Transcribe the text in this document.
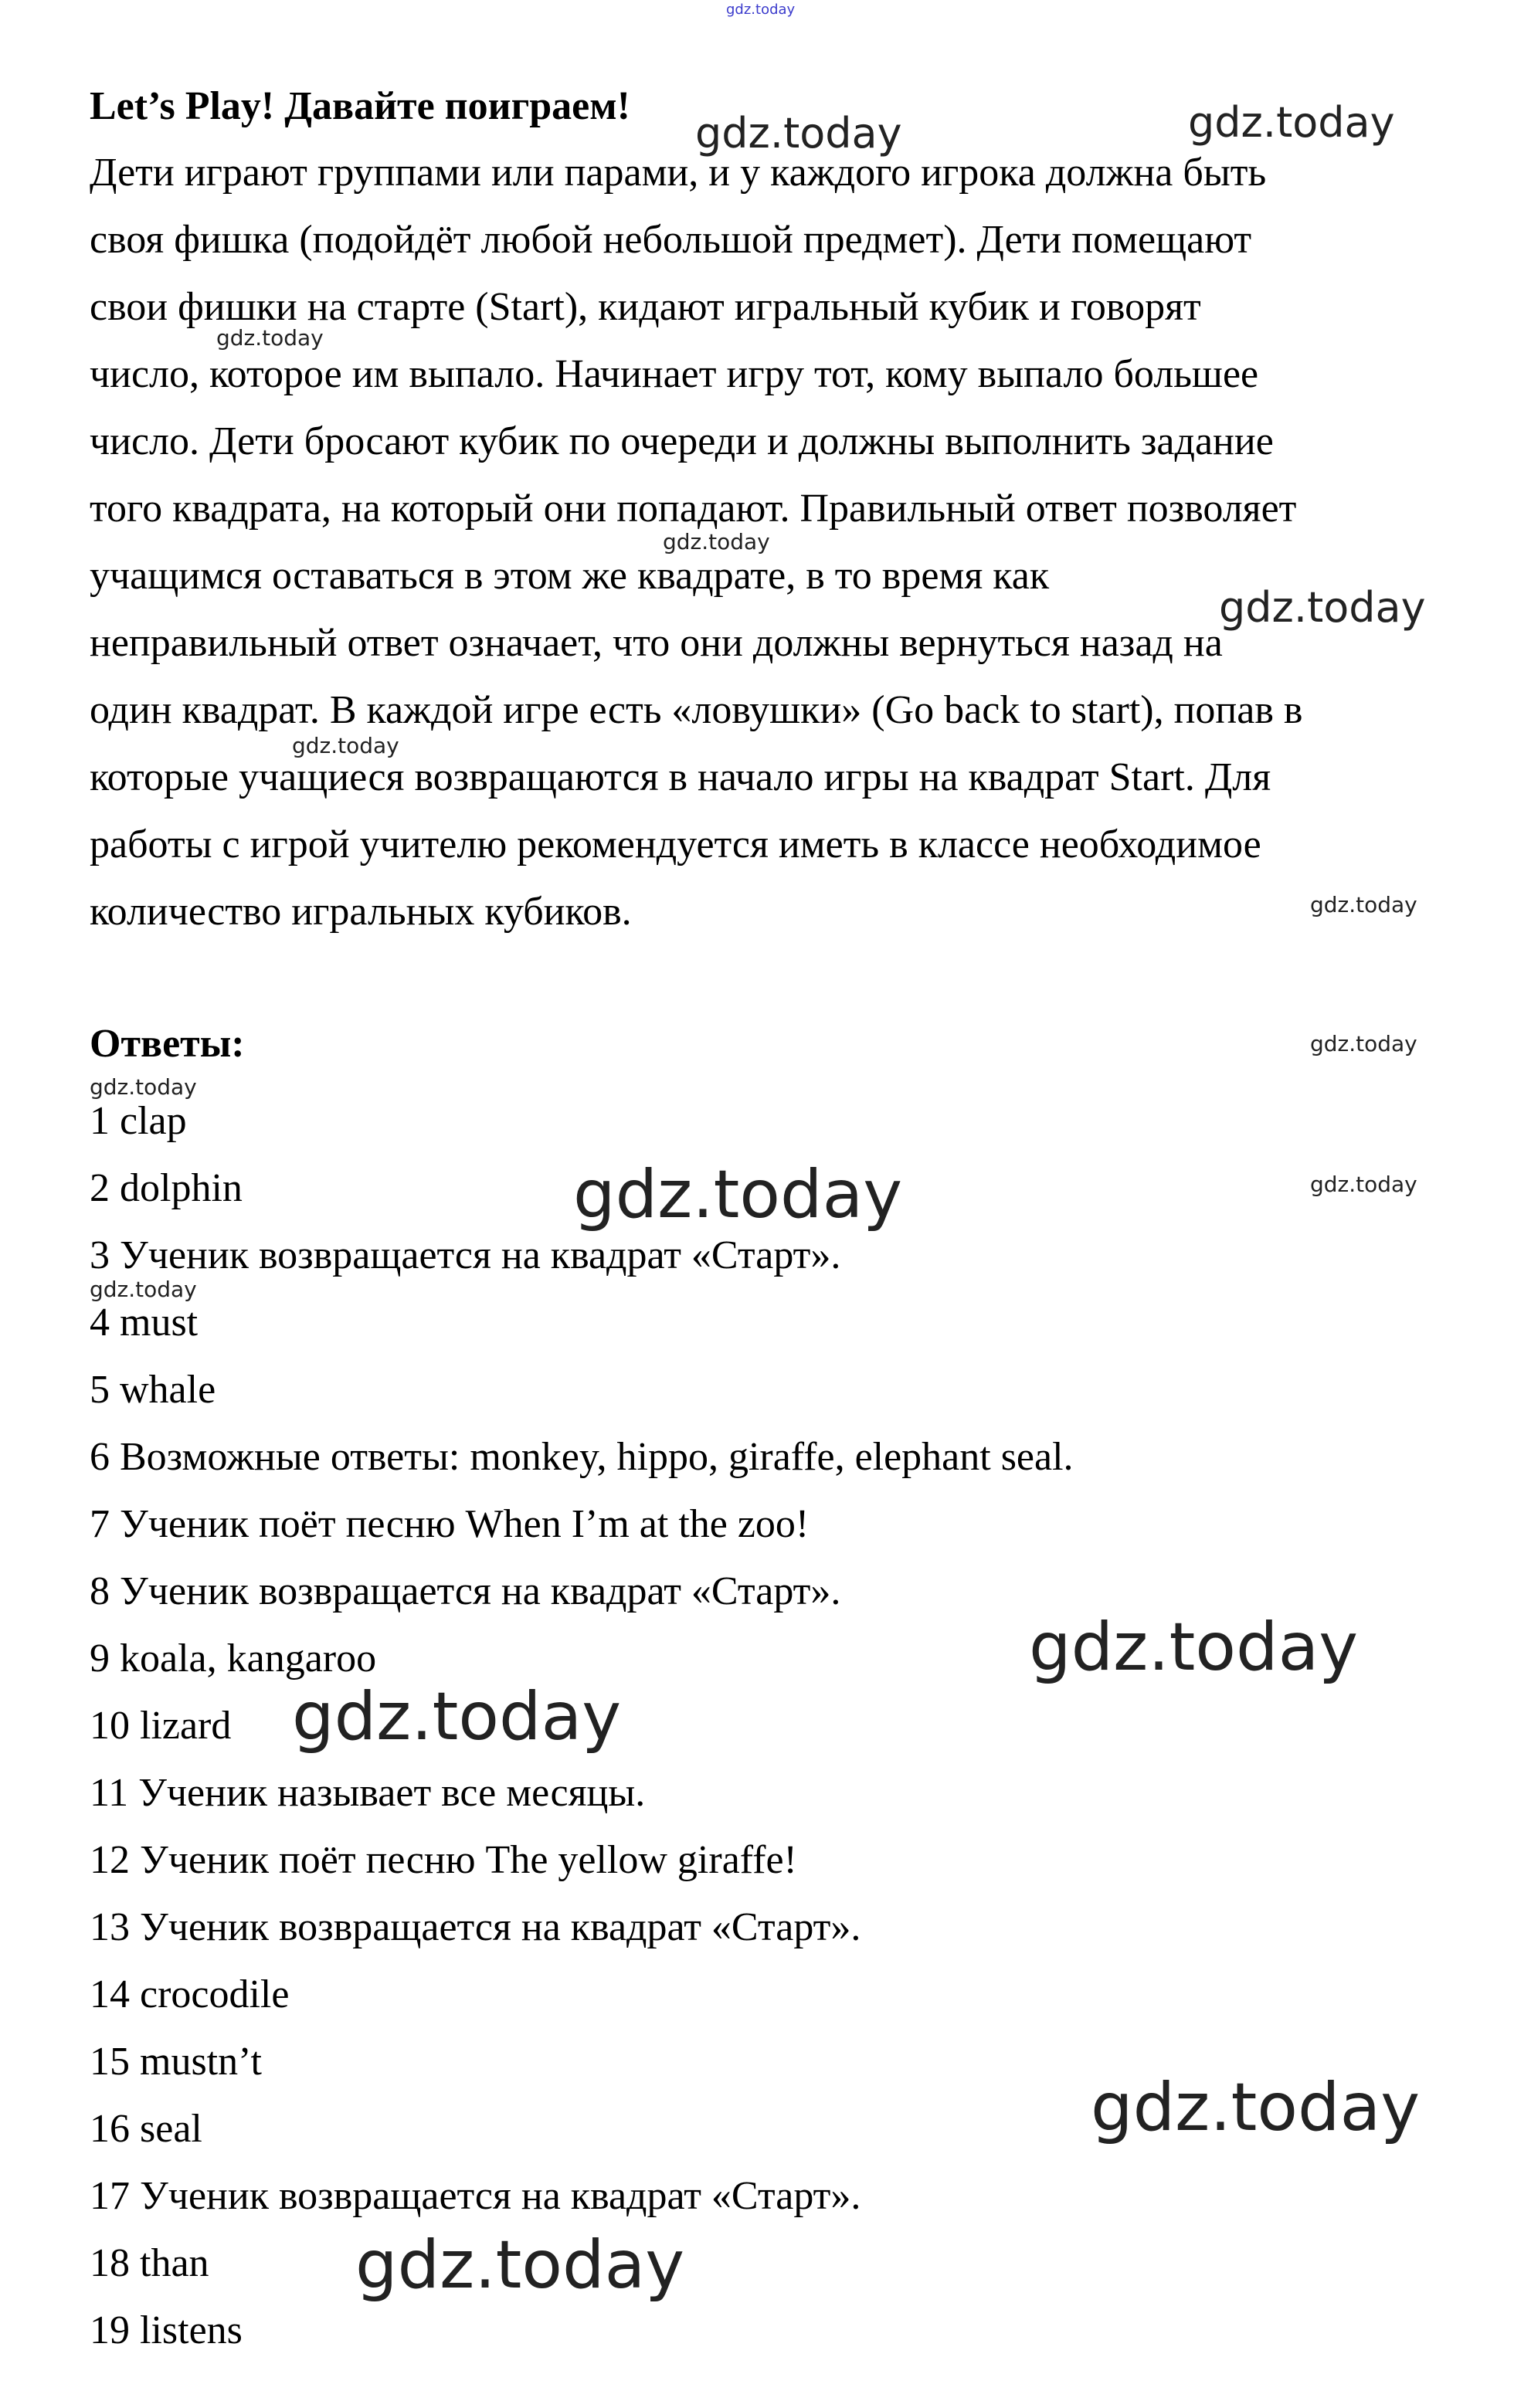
Let’s Play! Давайте поиграем!
Дети играют группами или парами, и у каждого игрока должна быть
своя фишка (подойдёт любой небольшой предмет). Дети помещают
свои фишки на старте (Start), кидают игральный кубик и говорят
число, которое им выпало. Начинает игру тот, кому выпало большее
число. Дети бросают кубик по очереди и должны выполнить задание
того квадрата, на который они попадают. Правильный ответ позволяет
учащимся оставаться в этом же квадрате, в то время как
неправильный ответ означает, что они должны вернуться назад на
один квадрат. В каждой игре есть «ловушки» (Go back to start), попав в
которые учащиеся возвращаются в начало игры на квадрат Start. Для
работы с игрой учителю рекомендуется иметь в классе необходимое
количество игральных кубиков.
Ответы:
1 clap
2 dolphin
3 Ученик возвращается на квадрат «Старт».
4 must
5 whale
6 Возможные ответы: monkey, hippo, giraffe, elephant seal.
7 Ученик поёт песню When I’m at the zoo!
8 Ученик возвращается на квадрат «Старт».
9 koala, kangaroo
10 lizard
11 Ученик называет все месяцы.
12 Ученик поёт песню The yellow giraffe!
13 Ученик возвращается на квадрат «Старт».
14 crocodile
15 mustn’t
16 seal
17 Ученик возвращается на квадрат «Старт».
18 than
19 listens
gdz.today
gdz.today	gdz.today
gdz.today
gdz.today
gdz.today
gdz.today
gdz.today
gdz.today
gdz.today
gdz.today	gdz.today
gdz.today
gdz.today
gdz.today
gdz.today
gdz.today
